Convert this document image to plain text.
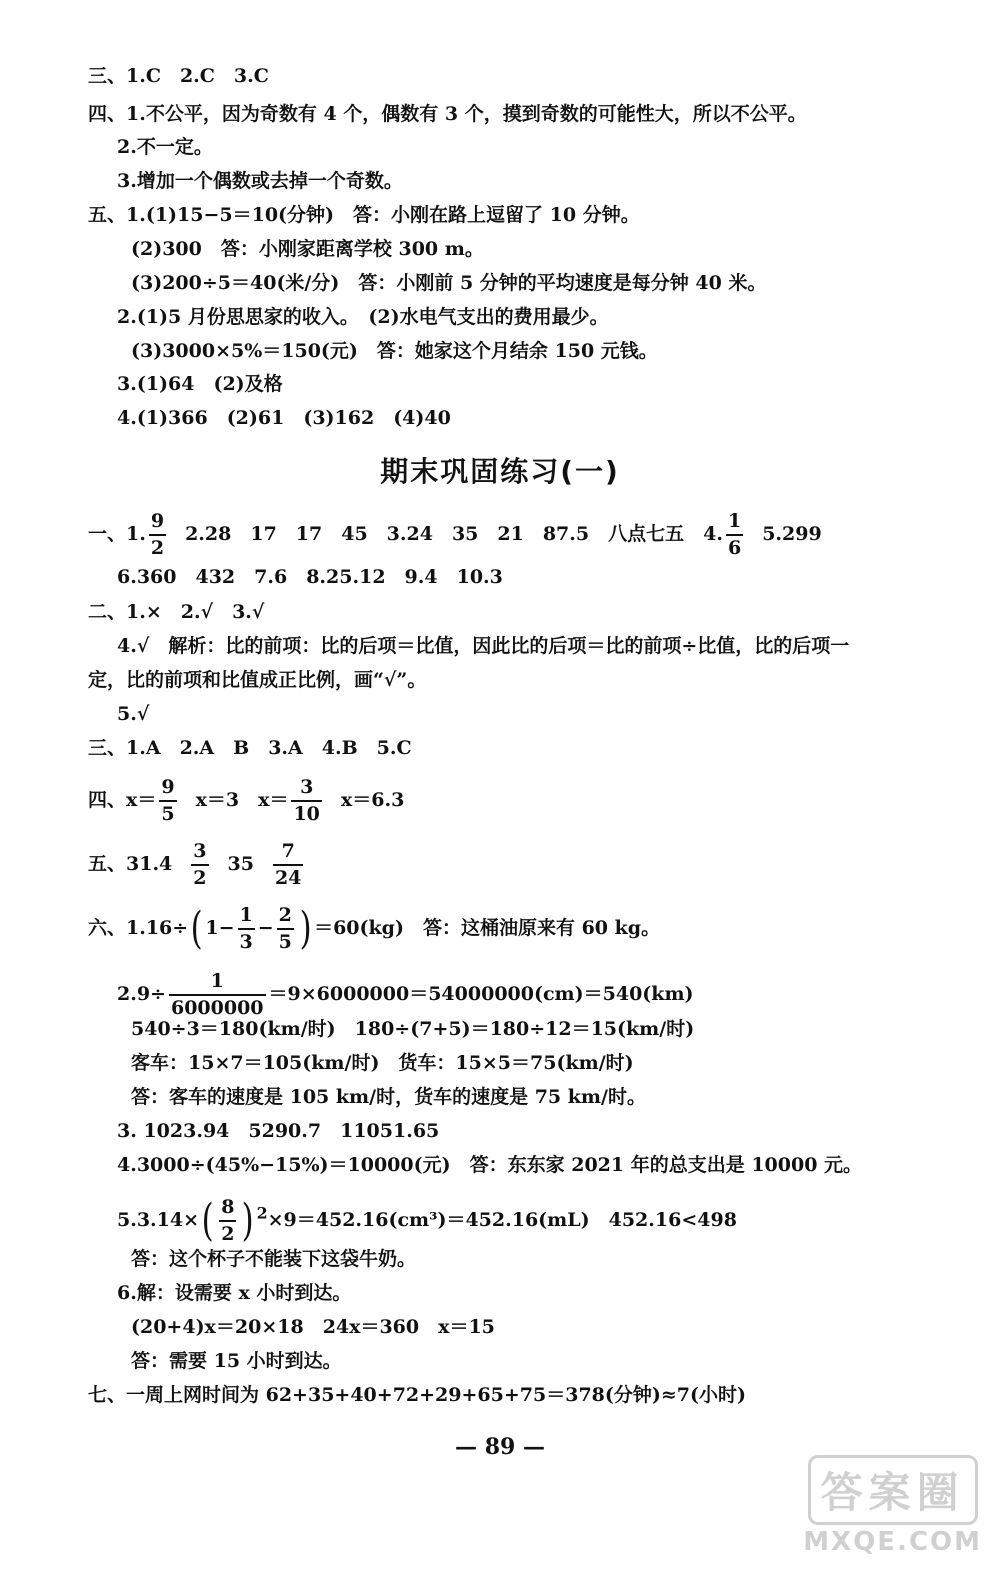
三、1.C　2.C　3.C
四、1.不公平，因为奇数有 4 个，偶数有 3 个，摸到奇数的可能性大，所以不公平。
2.不一定。
3.增加一个偶数或去掉一个奇数。
五、1.(1)15−5＝10(分钟)　答：小刚在路上逗留了 10 分钟。
(2)300　答：小刚家距离学校 300 m。
(3)200÷5＝40(米/分)　答：小刚前 5 分钟的平均速度是每分钟 40 米。
2.(1)5 月份思思家的收入。　(2)水电气支出的费用最少。
(3)3000×5%＝150(元)　答：她家这个月结余 150 元钱。
3.(1)64　(2)及格
4.(1)366　(2)61　(3)162　(4)40
期末巩固练习(一)
一、1. $\frac{9}{2} 2.28$　17　17　45　3.24　35　21　87.5　八点七五　4. $\frac{1}{6} 5.299$
6.360　432　7.6　8.25.12　9.4　10.3
二、1.×　2.√　3.√
4.√　解析：比的前项：比的后项＝比值，因此比的后项＝比的前项÷比值，比的后项一
定，比的前项和比值成正比例，画“√”。
5.√
三、1.A　2.A　B　3.A　4.B　5.C
四、$x= \frac{9}{5} x=3$　$x= \frac{3}{10} x=6.3$
五、$31.4 \frac{3}{2} 35 \frac{7}{24}$
六、1.16÷( $1- \frac{1}{3} - \frac{2}{5}$ ) ＝60(kg)　答：这桶油原来有 60 kg。
$2.9\div \frac{1}{6000000} =9\times 6000000=54000000(cm)=540(km)$
540÷3＝180(km/时)　180÷(7+5)＝180÷12＝15(km/时)
客车：15×7＝105(km/时)　货车：15×5＝75(km/时)
答：客车的速度是 105 km/时，货车的速度是 75 km/时。
3. 1023.94　5290.7　11051.65
4.3000÷(45%−15%)＝10000(元)　答：东东家 2021 年的总支出是 10000 元。
$5.3.14\times( \frac{8}{2}$ ) $^2$×9＝452.16(cm³)＝452.16(mL)　452.16<498
答：这个杯子不能装下这袋牛奶。
6.解：设需要 x 小时到达。
(20+4)x＝20×18　24x＝360　x＝15
答：需要 15 小时到达。
七、一周上网时间为 62+35+40+72+29+65+75＝378(分钟)≈7(小时)
— 89 —
答案圈
MXQE.COM
